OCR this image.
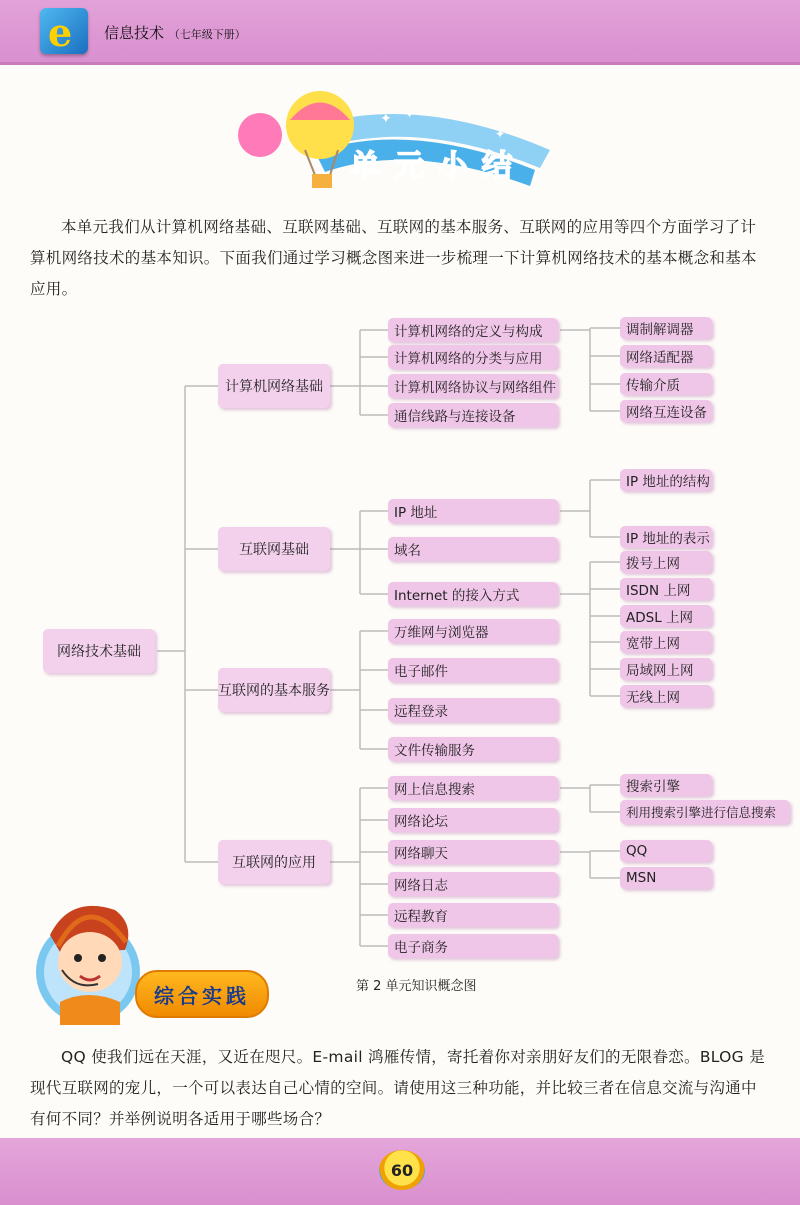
e 信息技术 （七年级下册）
✦ ✦
✦
单元小结
本单元我们从计算机网络基础、互联网基础、互联网的基本服务、互联网的应用等四个方面学习了计算机网络技术的基本知识。下面我们通过学习概念图来进一步梳理一下计算机网络技术的基本概念和基本应用。
网络技术基础
计算机网络基础
互联网基础
互联网的基本服务
互联网的应用
计算机网络的定义与构成
计算机网络的分类与应用
计算机网络协议与网络组件
通信线路与连接设备
调制解调器
网络适配器
传输介质
网络互连设备
IP 地址
域名
Internet 的接入方式
IP 地址的结构
IP 地址的表示
拨号上网
ISDN 上网
ADSL 上网
宽带上网
局域网上网
无线上网
万维网与浏览器
电子邮件
远程登录
文件传输服务
网上信息搜索
网络论坛
网络聊天
网络日志
远程教育
电子商务
搜索引擎
利用搜索引擎进行信息搜索
QQ
MSN
第 2 单元知识概念图
综合实践
QQ 使我们远在天涯，又近在咫尺。E-mail 鸿雁传情，寄托着你对亲朋好友们的无限眷恋。BLOG 是现代互联网的宠儿，一个可以表达自己心情的空间。请使用这三种功能，并比较三者在信息交流与沟通中有何不同？并举例说明各适用于哪些场合？
60
